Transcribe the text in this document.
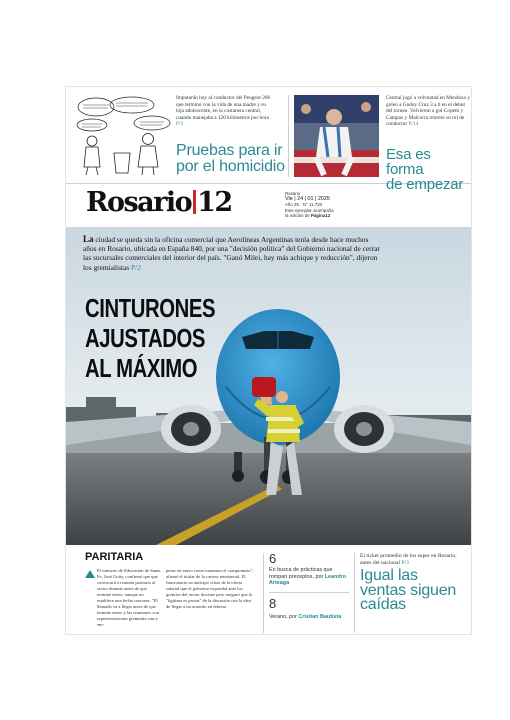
Imputarán hoy al conductor del Peugeot 206 que terminó con la vida de una madre y su hija adolescente, en la costanera central, cuando manejaba a 120 kilómetros por hora P/3
Pruebas para ir
por el homicidio
Central jugó a volvuntad en Mendoza y goleó a Godoy Cruz 3 a 0 en el debut del torneo. Volvieron a gol Copetti y Campaz y Malcorra retornó su rol de conductor P/14
Esa es forma
de empezar
Rosario 12	Rosario
Vie | 24 | 01 | 2025
Año 35 · N° 11.733
Este ejemplar acompaña
la edición de Página12
La ciudad se queda sin la oficina comercial que Aerolíneas Argentinas tenía desde hace muchos años en Rosario, ubicada en España 840, por una "decisión política" del Gobierno nacional de cerrar las sucursales comerciales del interior del país. "Ganó Milei, hay más achique y reducción", dijeron los gremialistas P/2
CINTURONES
AJUSTADOS
AL MÁXIMO
PARITARIA
El ministro de Educación de Santa Fe, José Goity, confirmó que que convocará a reunión paritaria al sector durante antes de que termine enero, aunque no establece una fecha concreta. "El llamado va a llegar antes de que termine enero y las reuniones con representaciones gremiales van a em-
pezar en enero como tomamos el compromiso", afirmó el titular de la cartera ministerial. El funcionario no anticipó cifras de la oferta salarial que el gobierno expondrá ante los gremios del sector docente pero aseguró que la "ilgitima es pactar" de la discusión con la idea de llegar a un acuerdo en febrero
6
En busca de prácticas que rompan preceptos, por Leandro Arteaga
8
Verano, por Cristian Bautista
El ticket promedio de los super en Rosario, antes del nacional P/3
Igual las
ventas siguen
caídas
